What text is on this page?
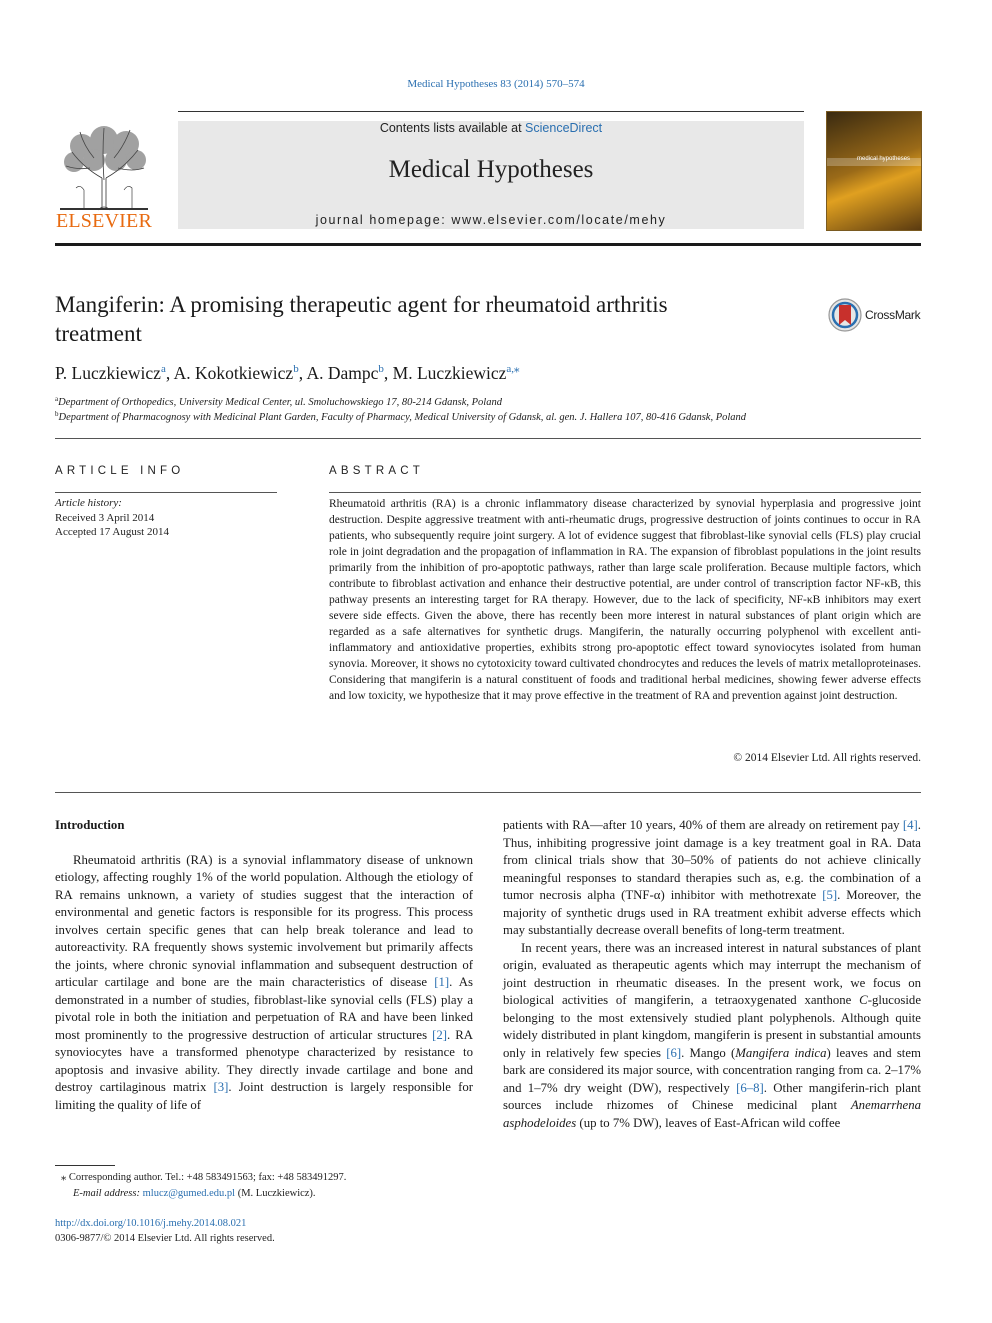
Medical Hypotheses 83 (2014) 570–574
Contents lists available at ScienceDirect
Medical Hypotheses
journal homepage: www.elsevier.com/locate/mehy
ELSEVIER
medical hypotheses
Mangiferin: A promising therapeutic agent for rheumatoid arthritis
treatment
CrossMark
P. Luczkiewicz$^a$, A. Kokotkiewicz$^b$, A. Dampc$^b$, M. Luczkiewicz$^{a,⁎}$
$^a$Department of Orthopedics, University Medical Center, ul. Smoluchowskiego 17, 80-214 Gdansk, Poland
$^b$Department of Pharmacognosy with Medicinal Plant Garden, Faculty of Pharmacy, Medical University of Gdansk, al. gen. J. Hallera 107, 80-416 Gdansk, Poland
ARTICLE INFO
Article history:
Received 3 April 2014
Accepted 17 August 2014
ABSTRACT
Rheumatoid arthritis (RA) is a chronic inflammatory disease characterized by synovial hyperplasia and progressive joint destruction. Despite aggressive treatment with anti-rheumatic drugs, progressive destruction of joints continues to occur in RA patients, who subsequently require joint surgery. A lot of evidence suggest that fibroblast-like synovial cells (FLS) play crucial role in joint degradation and the propagation of inflammation in RA. The expansion of fibroblast populations in the joint results primarily from the inhibition of pro-apoptotic pathways, rather than large scale proliferation. Because multiple factors, which contribute to fibroblast activation and enhance their destructive potential, are under control of transcription factor NF-κB, this pathway presents an interesting target for RA therapy. However, due to the lack of specificity, NF-κB inhibitors may exert severe side effects. Given the above, there has recently been more interest in natural substances of plant origin which are regarded as a safe alternatives for synthetic drugs. Mangiferin, the naturally occurring polyphenol with excellent anti-inflammatory and antioxidative properties, exhibits strong pro-apoptotic effect toward synoviocytes isolated from human synovia. Moreover, it shows no cytotoxicity toward cultivated chondrocytes and reduces the levels of matrix metalloproteinases. Considering that mangiferin is a natural constituent of foods and traditional herbal medicines, showing fewer adverse effects and low toxicity, we hypothesize that it may prove effective in the treatment of RA and prevention against joint destruction.
© 2014 Elsevier Ltd. All rights reserved.
Introduction

Rheumatoid arthritis (RA) is a synovial inflammatory disease of unknown etiology, affecting roughly 1% of the world population. Although the etiology of RA remains unknown, a variety of studies suggest that the interaction of environmental and genetic factors is responsible for its progress. This process involves certain specific genes that can help break tolerance and lead to autoreactivity. RA frequently shows systemic involvement but primarily affects the joints, where chronic synovial inflammation and subsequent destruction of articular cartilage and bone are the main characteristics of disease [1]. As demonstrated in a number of studies, fibroblast-like synovial cells (FLS) play a pivotal role in both the initiation and perpetuation of RA and have been linked most prominently to the progressive destruction of articular structures [2]. RA synoviocytes have a transformed phenotype characterized by resistance to apoptosis and invasive ability. They directly invade cartilage and bone and destroy cartilaginous matrix [3]. Joint destruction is largely responsible for limiting the quality of life of

patients with RA—after 10 years, 40% of them are already on retirement pay [4]. Thus, inhibiting progressive joint damage is a key treatment goal in RA. Data from clinical trials show that 30–50% of patients do not achieve clinically meaningful responses to standard therapies such as, e.g. the combination of a tumor necrosis alpha (TNF-α) inhibitor with methotrexate [5]. Moreover, the majority of synthetic drugs used in RA treatment exhibit adverse effects which may substantially decrease overall benefits of long-term treatment.

In recent years, there was an increased interest in natural substances of plant origin, evaluated as therapeutic agents which may interrupt the mechanism of joint destruction in rheumatic diseases. In the present work, we focus on biological activities of mangiferin, a tetraoxygenated xanthone C-glucoside belonging to the most extensively studied plant polyphenols. Although quite widely distributed in plant kingdom, mangiferin is present in substantial amounts only in relatively few species [6]. Mango (Mangifera indica) leaves and stem bark are considered its major source, with concentration ranging from ca. 2–17% and 1–7% dry weight (DW), respectively [6–8]. Other mangiferin-rich plant sources include rhizomes of Chinese medicinal plant Anemarrhena asphodeloides (up to 7% DW), leaves of East-African wild coffee

⁎ Corresponding author. Tel.: +48 583491563; fax: +48 583491297.
E-mail address: mlucz@gumed.edu.pl (M. Luczkiewicz).
http://dx.doi.org/10.1016/j.mehy.2014.08.021
0306-9877/© 2014 Elsevier Ltd. All rights reserved.
